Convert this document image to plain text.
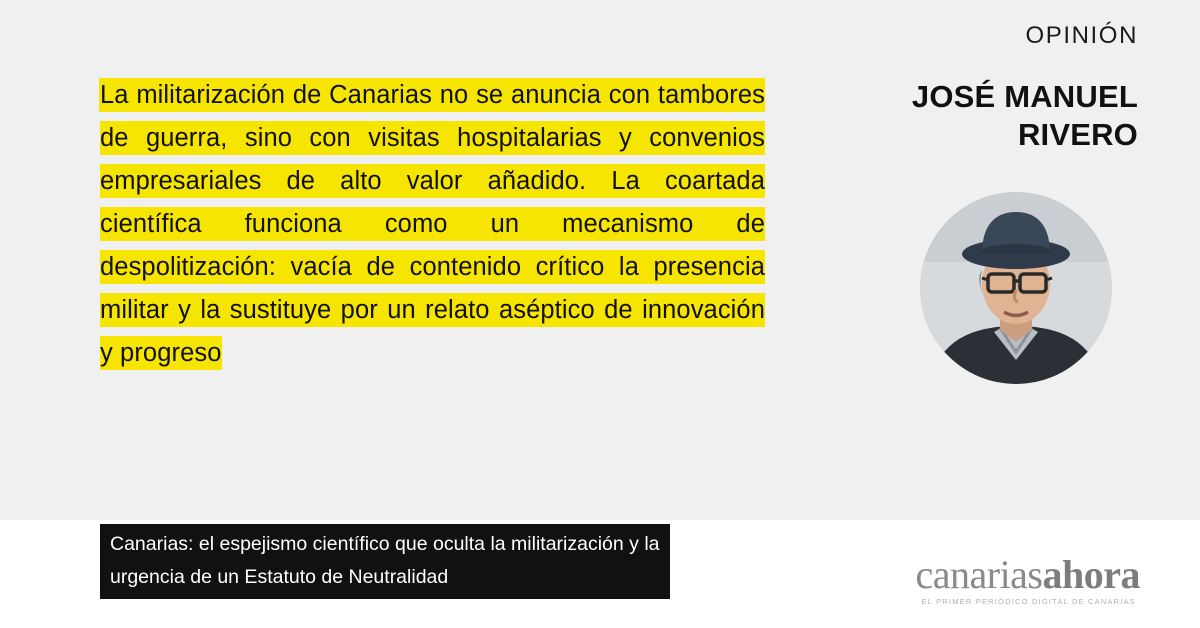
La militarización de Canarias no se anuncia con tambores de guerra, sino con visitas hospitalarias y convenios empresariales de alto valor añadido. La coartada científica funciona como un mecanismo de despolitización: vacía de contenido crítico la presencia militar y la sustituye por un relato aséptico de innovación y progreso
OPINIÓN
JOSÉ MANUEL
RIVERO
Canarias: el espejismo científico que oculta la militarización y la
urgencia de un Estatuto de Neutralidad	canariasahora
EL PRIMER PERIÓDICO DIGITAL DE CANARIAS
